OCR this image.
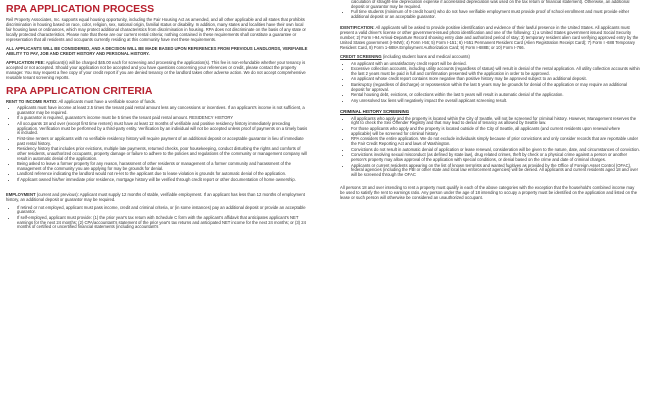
RPA APPLICATION PROCESS

Reil Property Associates, Inc. supports equal housing opportunity, including the Fair Housing Act as amended, and all other applicable and all states that prohibits discrimination in housing based on race, color, religion, sex, national origin, familial status or disability. In addition, many states and localities have their own local fair housing laws or ordinances, which may protect additional characteristics from discrimination in housing. RPA does not discriminate on the basis of any state or locally protected characteristics. Please note that these are our current rental criteria; nothing contained in these requirements shall constitute a guarantee or representation that all residents and occupants currently residing at this community have met these requirements.

ALL APPLICANTS WILL BE CONSIDERED, AND A DECISION WILL BE MADE BASED UPON REFERENCES FROM PREVIOUS LANDLORDS, VERIFIABLE ABILITY TO PAY, JOB AND CREDIT HISTORY AND PERSONAL HISTORY.

APPLICATION FEE: Applicant(s) will be charged $45.00 each for screening and processing the application(s). This fee is non-refundable whether your tenancy is accepted or not accepted. Should your application not be accepted and you have questions concerning your references or credit, please contact the property manager. You may request a free copy of your credit report if you are denied tenancy or the landlord takes other adverse action. We do not accept comprehensive reusable tenant screening reports.

RPA APPLICATION CRITERIA

RENT TO INCOME RATIO: All applicants must have a verifiable source of funds.

• Applicants must have income at least 2.5 times the tenant paid rental amount less any concessions or incentives. If an applicant's income is not sufficient, a guarantor may be required.
• If a guarantor is required, guarantor's income must be 5 times the tenant paid rental amount. RESIDENCY HISTORY
• All occupants 18 and over (except first time renters) must have at least 12 months of verifiable and positive residency history immediately preceding application. Verification must be performed by a third-party entity. Verification by an individual will not be accepted unless proof of payments on a timely basis is included.
• First-time renters or applicants with no verifiable residency history will require payment of an additional deposit or acceptable guarantor in lieu of immediate past rental history.
• Residency history that includes prior evictions, multiple late payments, returned checks, poor housekeeping, conduct disturbing the rights and comforts of other residents, unauthorized occupants, property damage or failure to adhere to the policies and regulations of the community or management company will result in automatic denial of the application.
• Being asked to leave a former property for any reason, harassment of other residents or management of a former community and harassment of the management of the community you are applying for may be grounds for denial.
• Landlord reference indicating the landlord would not re-let to the applicant due to lease violation is grounds for automatic denial of the application.
• If Applicant owned his/her immediate prior residence, mortgage history will be verified through credit report or other documentation of home ownership.

EMPLOYMENT (current and previous): Applicant must supply 12 months of stable, verifiable employment. If an applicant has less than 12 months of employment history, an additional deposit or guarantor may be required.

• If retired or not employed, applicant must pass income, credit and criminal criteria, or (in some instances) pay an additional deposit or provide an acceptable guarantor.
• If self-employed, applicant must provide: (1) the prior year's tax return with Schedule C form with the applicant's affidavit that anticipates applicant's NET earnings for the next 24 months; (2) CPA/accountant's statement of the prior year's tax returns and anticipated NET income for the next 24 months; or (3) 24 months of certified or uncertified financial statements (including accountant's
calculation of straight-line depreciation expense if accelerated depreciation was used on the tax return or financial statement). Otherwise, an additional deposit or guarantor may be required.
• Full time students (minimum of 9 credit hours) who do not have verifiable employment must provide proof of school enrollment and must provide either additional deposit or an acceptable guarantor.

IDENTIFICATION: All applicants will be asked to provide positive identification and evidence of their lawful presence in the United States. All applicants must present a valid driver's license or other government-issued photo identification and one of the following: 1) a United States government issued Social Security number; 2) Form I-94 Arrival-Departure Record showing entry date and authorized period of stay; 3) temporary resident alien card verifying approved entry by the United States government (I-94W); 4) Form I-56; 5) Form I-151; 6) I-551 Permanent Resident Card (Alien Registration Receipt Card); 7) Form I -688 Temporary Resident Card, 8) Form 1-688A Employment Authorization Card; 9) Form I-688B; or 10) Form I-766.

CREDIT SCREENING (including student loans and medical accounts)

• An applicant with an unsatisfactory credit report will be denied.
• Excessive collection accounts, including utility accounts (regardless of status) will result in denial of the rental application. All utility collection accounts within the last 2 years must be paid in full and confirmation presented with the application in order to be approved.
• An applicant whose credit report contains more negative than positive history may be approved subject to an additional deposit.
• Bankruptcy (regardless of discharge) or repossession within the last 5 years may be grounds for denial of the application or may require an additional deposit for approval.
• Rental housing debt, evictions, or collections within the last 5 years will result in automatic denial of the application.
• Any unresolved tax liens will negatively impact the overall applicant screening result.

CRIMINAL HISTORY SCREENING

• All applicants who apply and the property is located within the City of Seattle, will not be screened for criminal history. However, Management reserves the right to check the Sex Offender Registry and that may lead to denial of tenancy as allowed by Seattle law.
• For those applicants who apply and the property is located outside of the City of Seattle, all applicants (and current residents upon renewal where applicable) will be screened for criminal history.
• RPA considers the entire application. We do not exclude individuals simply because of prior convictions and only consider records that are reportable under the Fair Credit Reporting Act and laws of Washington.
• Convictions do not result in automatic denial of application or lease renewal, consideration will be given to the nature, date, and circumstances of conviction.
• Convictions involving sexual misconduct (as defined by state law), drug related crimes, theft by check or a physical crime against a person or another person's property may allow approval of the application with special conditions, or denial based on the crime and date of criminal charges.
• Applicants or current residents appearing on the list of known terrorists and wanted fugitives as provided by the Office of Foreign Asset Control (OFAC), federal agencies (including the FBI or other state and local law enforcement agencies) will be denied. All applicants and current residents aged 18 and over will be screened through the OFAC

All persons 18 and over intending to rent a property must qualify in each of the above categories with the exception that the household's combined income may be used to satisfy the rent to earnings ratio. Any person under the age of 18 intending to occupy a property must be identified on the application and listed on the lease or such person will otherwise be considered an unauthorized occupant.
